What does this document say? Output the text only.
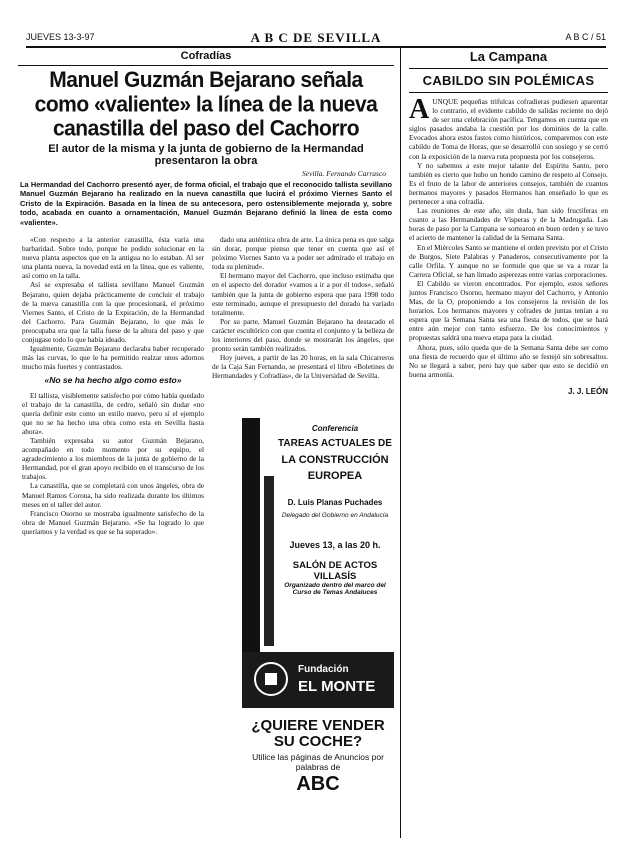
JUEVES 13-3-97	A B C DE SEVILLA	A B C / 51
Cofradías
Manuel Guzmán Bejarano señala como «valiente» la línea de la nueva canastilla del paso del Cachorro
El autor de la misma y la junta de gobierno de la Hermandad presentaron la obra
Sevilla. Fernando Carrasco
La Hermandad del Cachorro presentó ayer, de forma oficial, el trabajo que el reconocido tallista sevillano Manuel Guzmán Bejarano ha realizado en la nueva canastilla que lucirá el próximo Viernes Santo el Cristo de la Expiración. Basada en la línea de su antecesora, pero ostensiblemente mejorada y, sobre todo, acabada en cuanto a ornamentación, Manuel Guzmán Bejarano definió la línea de esta como «valiente».

«Con respecto a la anterior canastilla, ésta varía una barbaridad. Sobre todo, porque he podido solucionar en la nueva planta aspectos que en la antigua no lo estaban. Al ser una planta nueva, la novedad está en la línea, que es valiente, así como en la talla.

Así se expresaba el tallista sevillano Manuel Guzmán Bejarano, quien dejaba prácticamente de concluir el trabajo de la nueva canastilla con la que procesionará, el próximo Viernes Santo, el Cristo de la Expiración, de la Hermandad del Cachorro. Para Guzmán Bejarano, lo que más le preocupaba era que la talla fuese de la altura del paso y que conjugase todo lo que había ideado.

Igualmente, Guzmán Bejarano declaraba haber recuperado más las curvas, lo que le ha permitido realzar unos adornos mucho más fuertes y contrastados.

«No se ha hecho algo como esto»

El tallista, visiblemente satisfecho por cómo había quedado el trabajo de la canastilla, de cedro, señaló sin dudar «no quería definir este como un estilo nuevo, pero sí el ejemplo que no se ha hecho una obra como esta en Sevilla hasta ahora».

También expresaba su autor Guzmán Bejarano, acompañado en todo momento por su equipo, el agradecimiento a los miembros de la junta de gobierno de la Hermandad, por el gran apoyo recibido en el transcurso de los trabajos.

La canastilla, que se completará con unos ángeles, obra de Manuel Ramos Corona, ha sido realizada durante los últimos meses en el taller del autor.

Francisco Osorno se mostraba igualmente satisfecho de la obra de Manuel Guzmán Bejarano. «Se ha logrado lo que queríamos y la verdad es que se ha superado».

dado una auténtica obra de arte. La única pena es que salga sin dorar, porque pienso que tener en cuenta que así el próximo Viernes Santo va a poder ser admirado el trabajo en toda su plenitud».

El hermano mayor del Cachorro, que incluso estimaba que en el aspecto del dorador «vamos a ir a por él todos», señaló también que la junta de gobierno espera que para 1998 todo este terminado, aunque el presupuesto del dorado ha variado totalmente.

Por su parte, Manuel Guzmán Bejarano ha destacado el carácter escultórico con que cuenta el conjunto y la belleza de los interiores del paso, donde se mostrarán los ángeles, que pronto serán también realizados.

Hoy jueves, a partir de las 20 horas, en la sala Chicarreros de la Caja San Fernando, se presentará el libro «Boletines de Hermandades y Cofradías», de la Universidad de Sevilla.

Conferencia
TAREAS ACTUALES DE
LA CONSTRUCCIÓN
EUROPEA
D. Luis Planas Puchades
Delegado del Gobierno en Andalucía
Jueves 13, a las 20 h.
SALÓN DE ACTOS VILLASÍS
Organizado dentro del marco del Curso de Temas Andaluces
Fundación
EL MONTE
¿QUIERE VENDER
SU COCHE?
Utilice las páginas de Anuncios por palabras de
ABC
La Campana
CABILDO SIN POLÉMICAS
A UNQUE pequeñas trifulcas cofradieras pudiesen aparentar lo contrario, el evidente cabildo de salidas reciente no dejó de ser una celebración pacífica. Tengamos en cuenta que en siglos pasados andaba la cuestión por los dominios de la calle. Evocados ahora estos fastos como históricos, comparemos con este cabildo de Toma de Horas, que se desarrolló con sosiego y se cerró con la exposición de la nueva ruta propuesta por los consejeros.

Y no sabemos a este mejor talante del Espíritu Santo, pero también es cierto que hubo un hondo camino de respeto al Consejo. Es el fruto de la labor de anteriores consejos, también de cuantos hermanos mayores y pasados Hermanos han enseñado lo que es pertenecer a una cofradía.

Las reuniones de este año, sin duda, han sido fructíferas en cuanto a las Hermandades de Vísperas y de la Madrugada. Las horas de paso por la Campana se sortearon en buen orden y se tuvo el acierto de mantener la calidad de la Semana Santa.

En el Miércoles Santo se mantiene el orden previsto por el Cristo de Burgos, Siete Palabras y Panaderos, consecutivamente por la calle Orfila. Y aunque no se formule que que se va a rozar la Carrera Oficial, se han limado asperezas entre varias corporaciones.

El Cabildo se vieron encontrados. Por ejemplo, estos señores juntos Francisco Osorno, hermano mayor del Cachorro, y Antonio Mas, de la O, proponiendo a los consejeros la revisión de los horarios. Los hermanos mayores y cofrades de juntas tenían a su espera que la Semana Santa sea una fiesta de todos, que se hará entre aún mejor con tanto esfuerzo. De los conocimientos y propuestas saldrá una nueva etapa para la ciudad.

Ahora, pues, sólo queda que de la Semana Santa debe ser como una fiesta de recuerdo que el último año se festejó sin sobresaltos. No se llegará a saber, pero hay que saber que esto se decidió en buena armonía.

J. J. LEÓN
